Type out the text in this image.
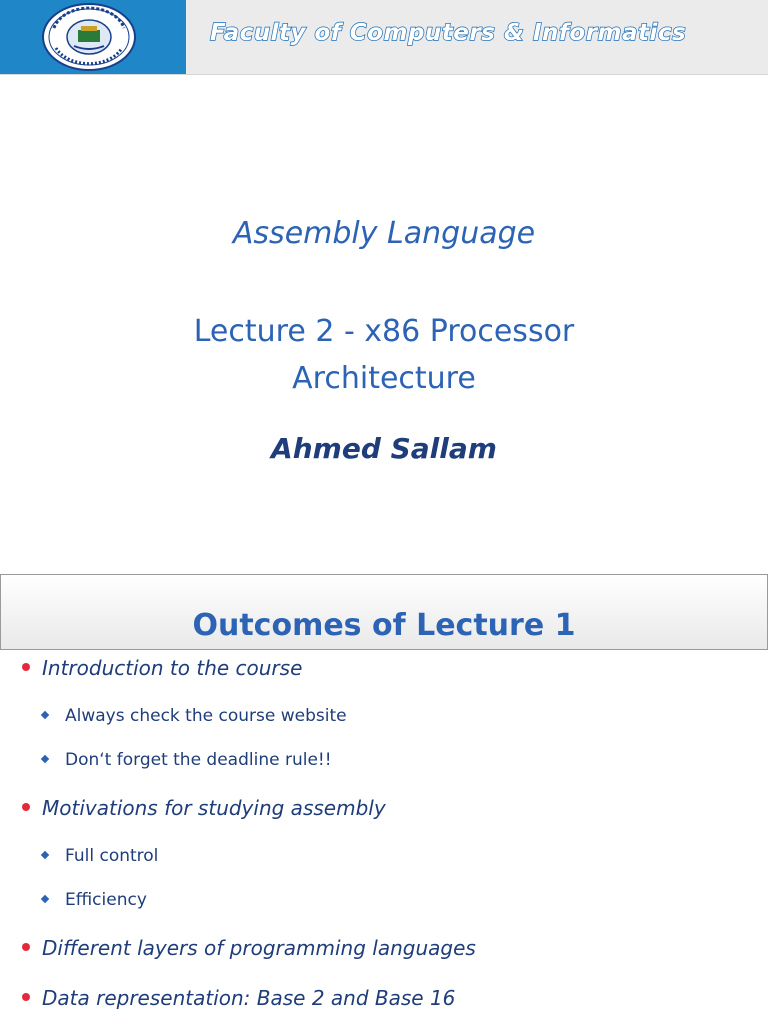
Faculty of Computers & Informatics
Assembly Language
Lecture 2 - x86 Processor
Architecture
Ahmed Sallam
Outcomes of Lecture 1
Introduction to the course
Always check the course website
Don‘t forget the deadline rule!!
Motivations for studying assembly
Full control
Efficiency
Different layers of programming languages
Data representation: Base 2 and Base 16
